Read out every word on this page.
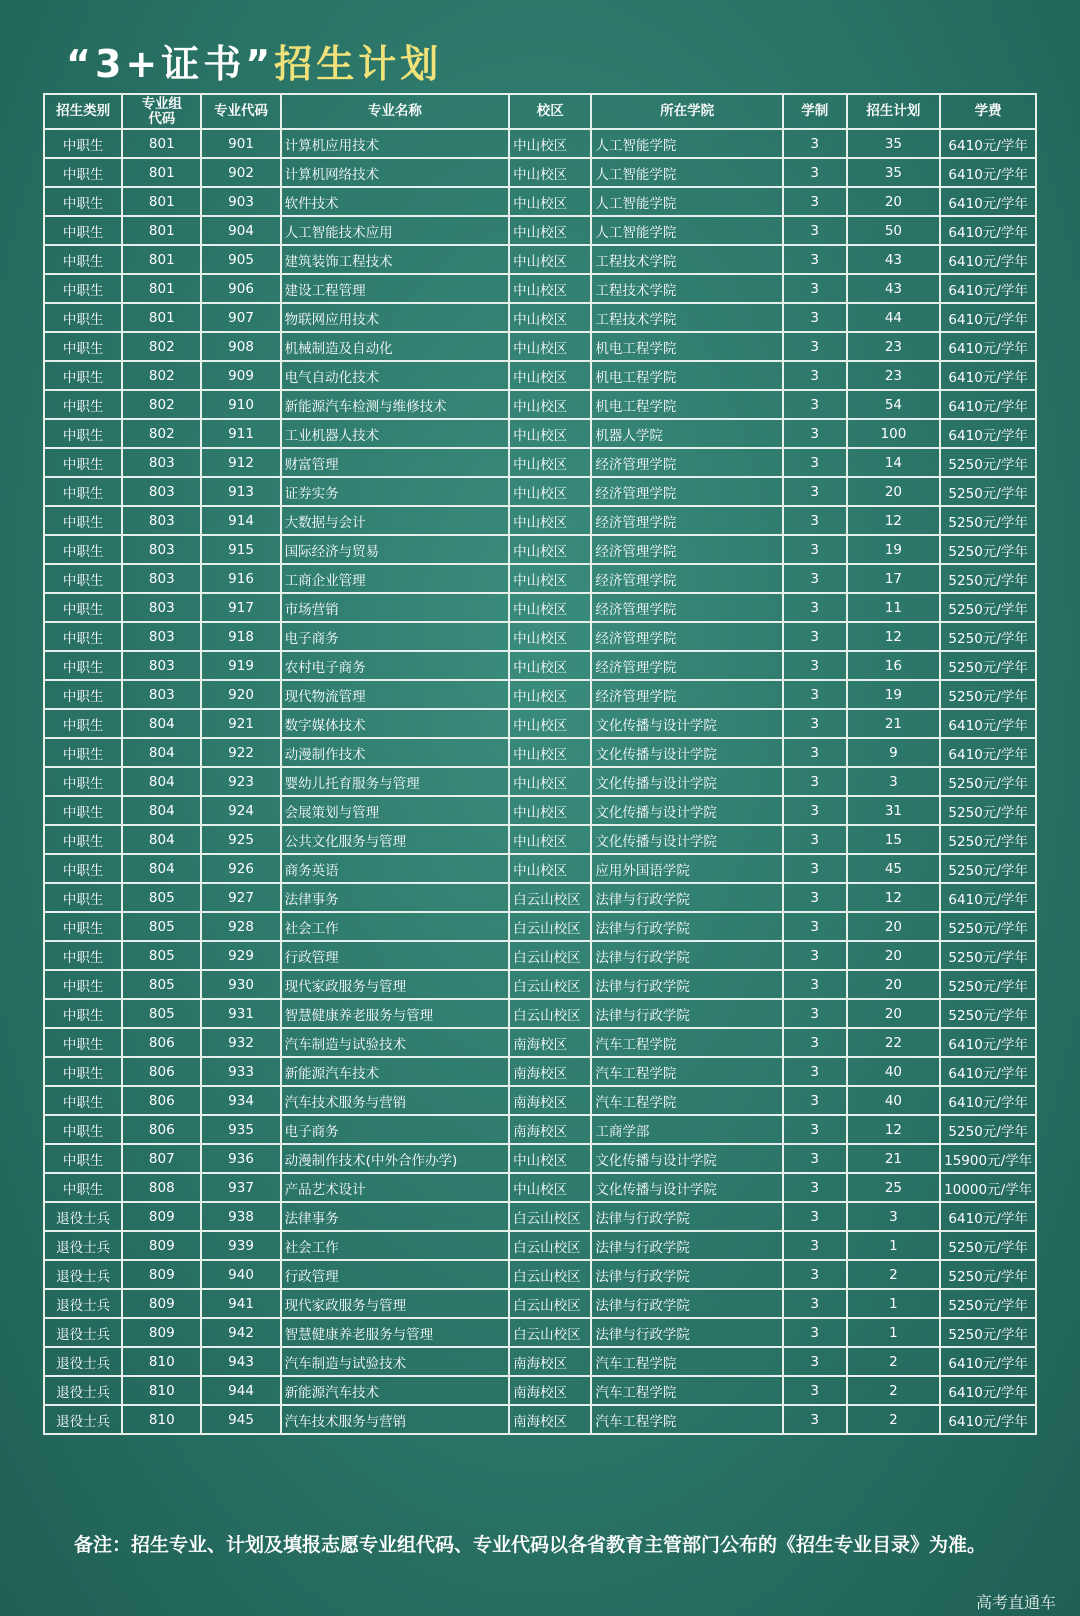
“3+证书”招生计划
招生类别	专业组代码	专业代码	专业名称	校区	所在学院	学制	招生计划	学费
中职生	801	901	计算机应用技术	中山校区	人工智能学院	3	35	6410元/学年
中职生	801	902	计算机网络技术	中山校区	人工智能学院	3	35	6410元/学年
中职生	801	903	软件技术	中山校区	人工智能学院	3	20	6410元/学年
中职生	801	904	人工智能技术应用	中山校区	人工智能学院	3	50	6410元/学年
中职生	801	905	建筑装饰工程技术	中山校区	工程技术学院	3	43	6410元/学年
中职生	801	906	建设工程管理	中山校区	工程技术学院	3	43	6410元/学年
中职生	801	907	物联网应用技术	中山校区	工程技术学院	3	44	6410元/学年
中职生	802	908	机械制造及自动化	中山校区	机电工程学院	3	23	6410元/学年
中职生	802	909	电气自动化技术	中山校区	机电工程学院	3	23	6410元/学年
中职生	802	910	新能源汽车检测与维修技术	中山校区	机电工程学院	3	54	6410元/学年
中职生	802	911	工业机器人技术	中山校区	机器人学院	3	100	6410元/学年
中职生	803	912	财富管理	中山校区	经济管理学院	3	14	5250元/学年
中职生	803	913	证券实务	中山校区	经济管理学院	3	20	5250元/学年
中职生	803	914	大数据与会计	中山校区	经济管理学院	3	12	5250元/学年
中职生	803	915	国际经济与贸易	中山校区	经济管理学院	3	19	5250元/学年
中职生	803	916	工商企业管理	中山校区	经济管理学院	3	17	5250元/学年
中职生	803	917	市场营销	中山校区	经济管理学院	3	11	5250元/学年
中职生	803	918	电子商务	中山校区	经济管理学院	3	12	5250元/学年
中职生	803	919	农村电子商务	中山校区	经济管理学院	3	16	5250元/学年
中职生	803	920	现代物流管理	中山校区	经济管理学院	3	19	5250元/学年
中职生	804	921	数字媒体技术	中山校区	文化传播与设计学院	3	21	6410元/学年
中职生	804	922	动漫制作技术	中山校区	文化传播与设计学院	3	9	6410元/学年
中职生	804	923	婴幼儿托育服务与管理	中山校区	文化传播与设计学院	3	3	5250元/学年
中职生	804	924	会展策划与管理	中山校区	文化传播与设计学院	3	31	5250元/学年
中职生	804	925	公共文化服务与管理	中山校区	文化传播与设计学院	3	15	5250元/学年
中职生	804	926	商务英语	中山校区	应用外国语学院	3	45	5250元/学年
中职生	805	927	法律事务	白云山校区	法律与行政学院	3	12	6410元/学年
中职生	805	928	社会工作	白云山校区	法律与行政学院	3	20	5250元/学年
中职生	805	929	行政管理	白云山校区	法律与行政学院	3	20	5250元/学年
中职生	805	930	现代家政服务与管理	白云山校区	法律与行政学院	3	20	5250元/学年
中职生	805	931	智慧健康养老服务与管理	白云山校区	法律与行政学院	3	20	5250元/学年
中职生	806	932	汽车制造与试验技术	南海校区	汽车工程学院	3	22	6410元/学年
中职生	806	933	新能源汽车技术	南海校区	汽车工程学院	3	40	6410元/学年
中职生	806	934	汽车技术服务与营销	南海校区	汽车工程学院	3	40	6410元/学年
中职生	806	935	电子商务	南海校区	工商学部	3	12	5250元/学年
中职生	807	936	动漫制作技术(中外合作办学)	中山校区	文化传播与设计学院	3	21	15900元/学年
中职生	808	937	产品艺术设计	中山校区	文化传播与设计学院	3	25	10000元/学年
退役士兵	809	938	法律事务	白云山校区	法律与行政学院	3	3	6410元/学年
退役士兵	809	939	社会工作	白云山校区	法律与行政学院	3	1	5250元/学年
退役士兵	809	940	行政管理	白云山校区	法律与行政学院	3	2	5250元/学年
退役士兵	809	941	现代家政服务与管理	白云山校区	法律与行政学院	3	1	5250元/学年
退役士兵	809	942	智慧健康养老服务与管理	白云山校区	法律与行政学院	3	1	5250元/学年
退役士兵	810	943	汽车制造与试验技术	南海校区	汽车工程学院	3	2	6410元/学年
退役士兵	810	944	新能源汽车技术	南海校区	汽车工程学院	3	2	6410元/学年
退役士兵	810	945	汽车技术服务与营销	南海校区	汽车工程学院	3	2	6410元/学年
备注：招生专业、计划及填报志愿专业组代码、专业代码以各省教育主管部门公布的《招生专业目录》为准。
高考直通车
